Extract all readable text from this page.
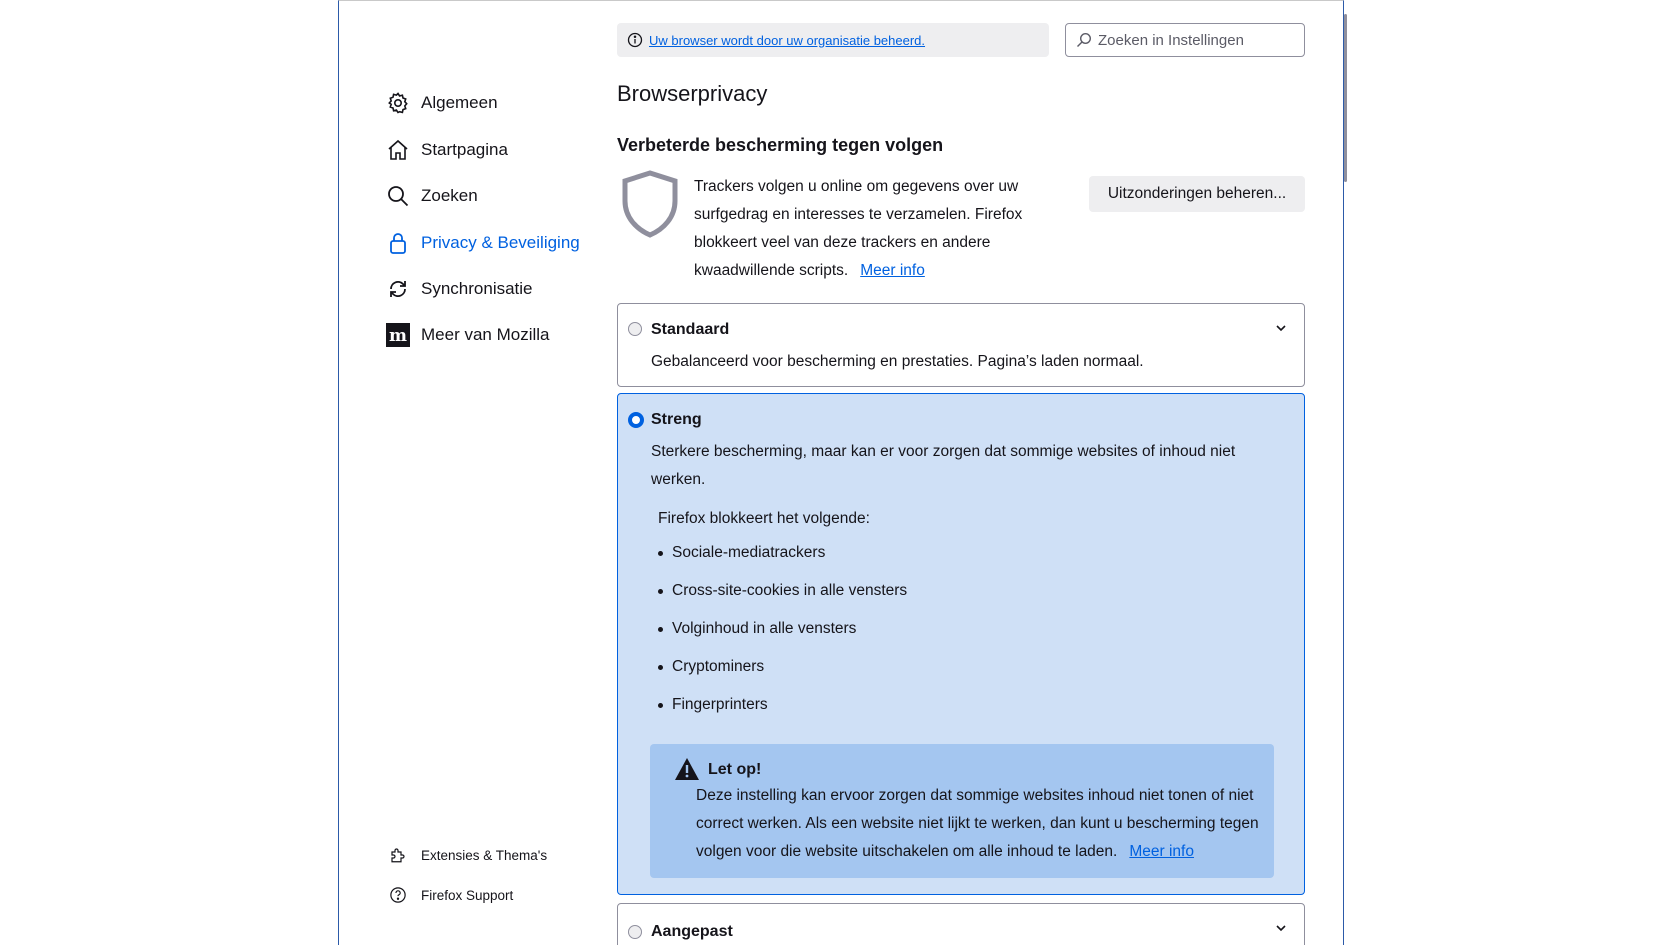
Algemeen
Startpagina
Zoeken
Privacy & Beveiliging
Synchronisatie
m Meer van Mozilla
Extensies & Thema's
Firefox Support
Uw browser wordt door uw organisatie beheerd.
Zoeken in Instellingen
Browserprivacy
Verbeterde bescherming tegen volgen
Trackers volgen u online om gegevens over uw surfgedrag en interesses te verzamelen. Firefox blokkeert veel van deze trackers en andere kwaadwillende scripts. Meer info
Uitzonderingen beheren...
Standaard
Gebalanceerd voor bescherming en prestaties. Pagina’s laden normaal.
Streng
Sterkere bescherming, maar kan er voor zorgen dat sommige websites of inhoud niet werken.
Firefox blokkeert het volgende:
Sociale-mediatrackers
Cross-site-cookies in alle vensters
Volginhoud in alle vensters
Cryptominers
Fingerprinters
Let op!
Deze instelling kan ervoor zorgen dat sommige websites inhoud niet tonen of niet correct werken. Als een website niet lijkt te werken, dan kunt u bescherming tegen volgen voor die website uitschakelen om alle inhoud te laden. Meer info
Aangepast
